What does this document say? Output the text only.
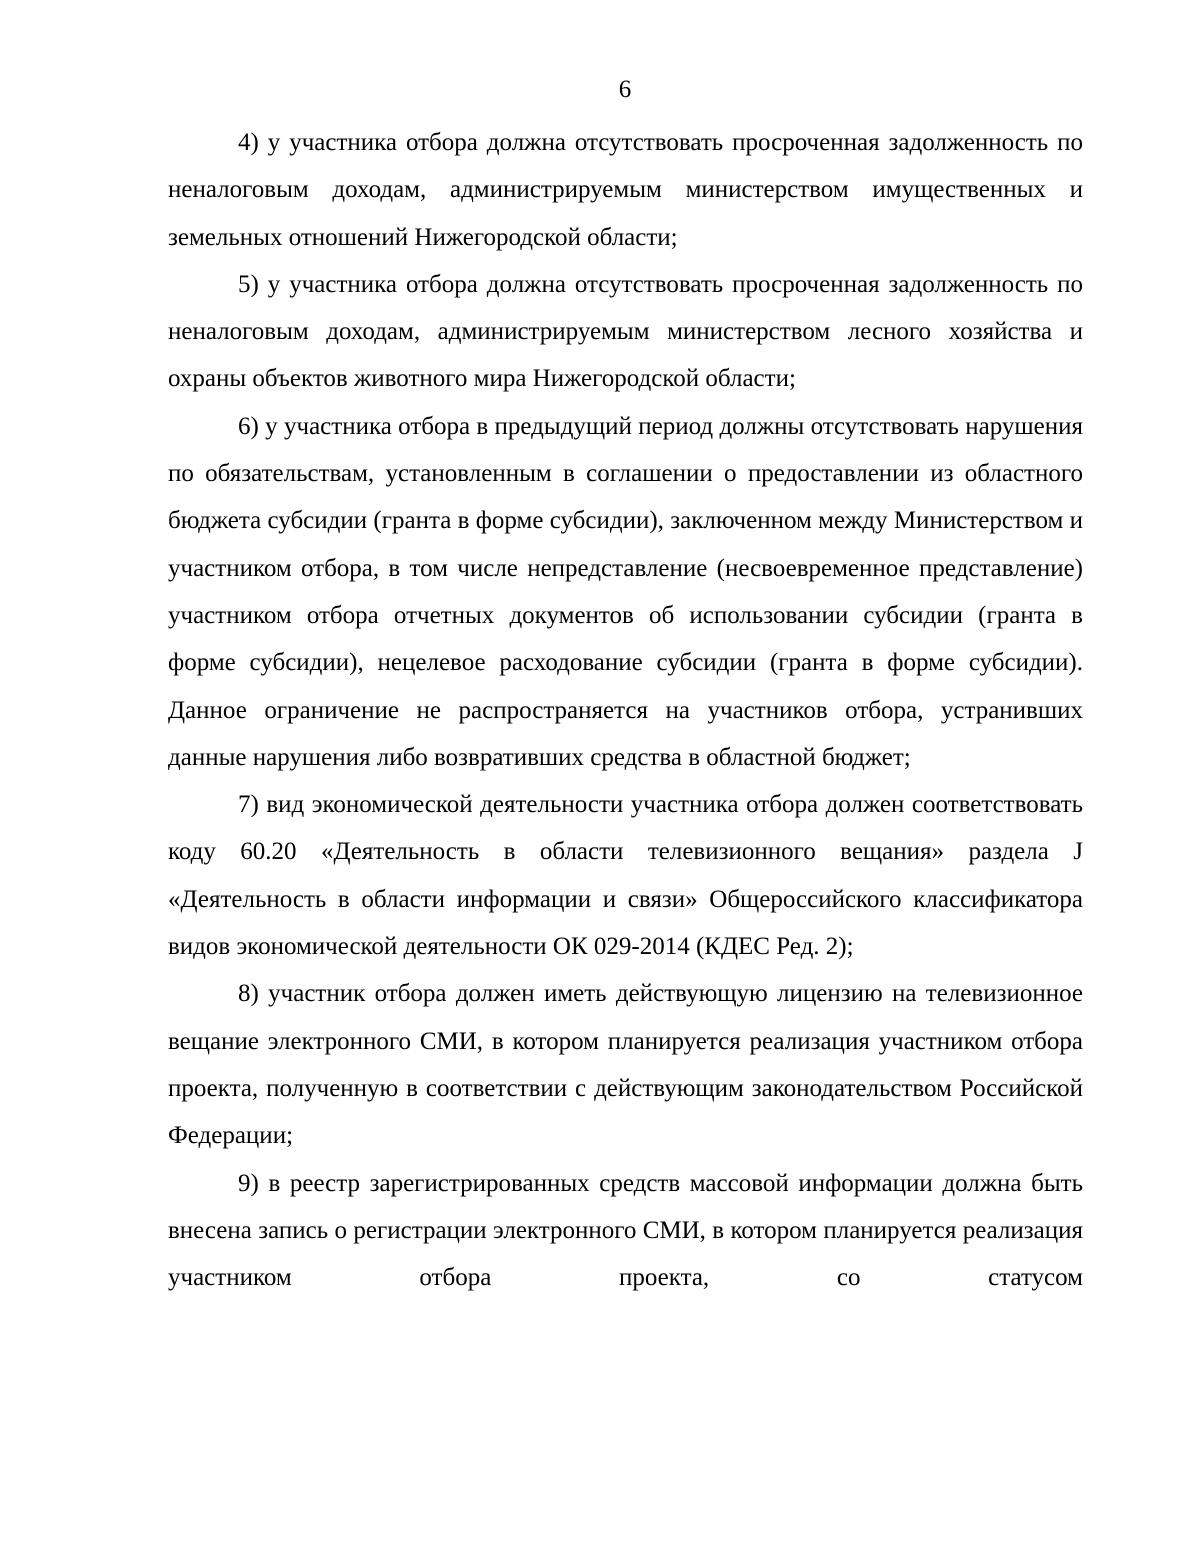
6

4) у участника отбора должна отсутствовать просроченная задолженность по неналоговым доходам, администрируемым министерством имущественных и земельных отношений Нижегородской области;

5) у участника отбора должна отсутствовать просроченная задолженность по неналоговым доходам, администрируемым министерством лесного хозяйства и охраны объектов животного мира Нижегородской области;

6) у участника отбора в предыдущий период должны отсутствовать нарушения по обязательствам, установленным в соглашении о предоставлении из областного бюджета субсидии (гранта в форме субсидии), заключенном между Министерством и участником отбора, в том числе непредставление (несвоевременное представление) участником отбора отчетных документов об использовании субсидии (гранта в форме субсидии), нецелевое расходование субсидии (гранта в форме субсидии). Данное ограничение не распространяется на участников отбора, устранивших данные нарушения либо возвративших средства в областной бюджет;

7) вид экономической деятельности участника отбора должен соответствовать коду 60.20 «Деятельность в области телевизионного вещания» раздела J «Деятельность в области информации и связи» Общероссийского классификатора видов экономической деятельности ОК 029-2014 (КДЕС Ред. 2);

8) участник отбора должен иметь действующую лицензию на телевизионное вещание электронного СМИ, в котором планируется реализация участником отбора проекта, полученную в соответствии с действующим законодательством Российской Федерации;

9) в реестр зарегистрированных средств массовой информации должна быть внесена запись о регистрации электронного СМИ, в котором планируется реализация участником отбора проекта, со статусом
